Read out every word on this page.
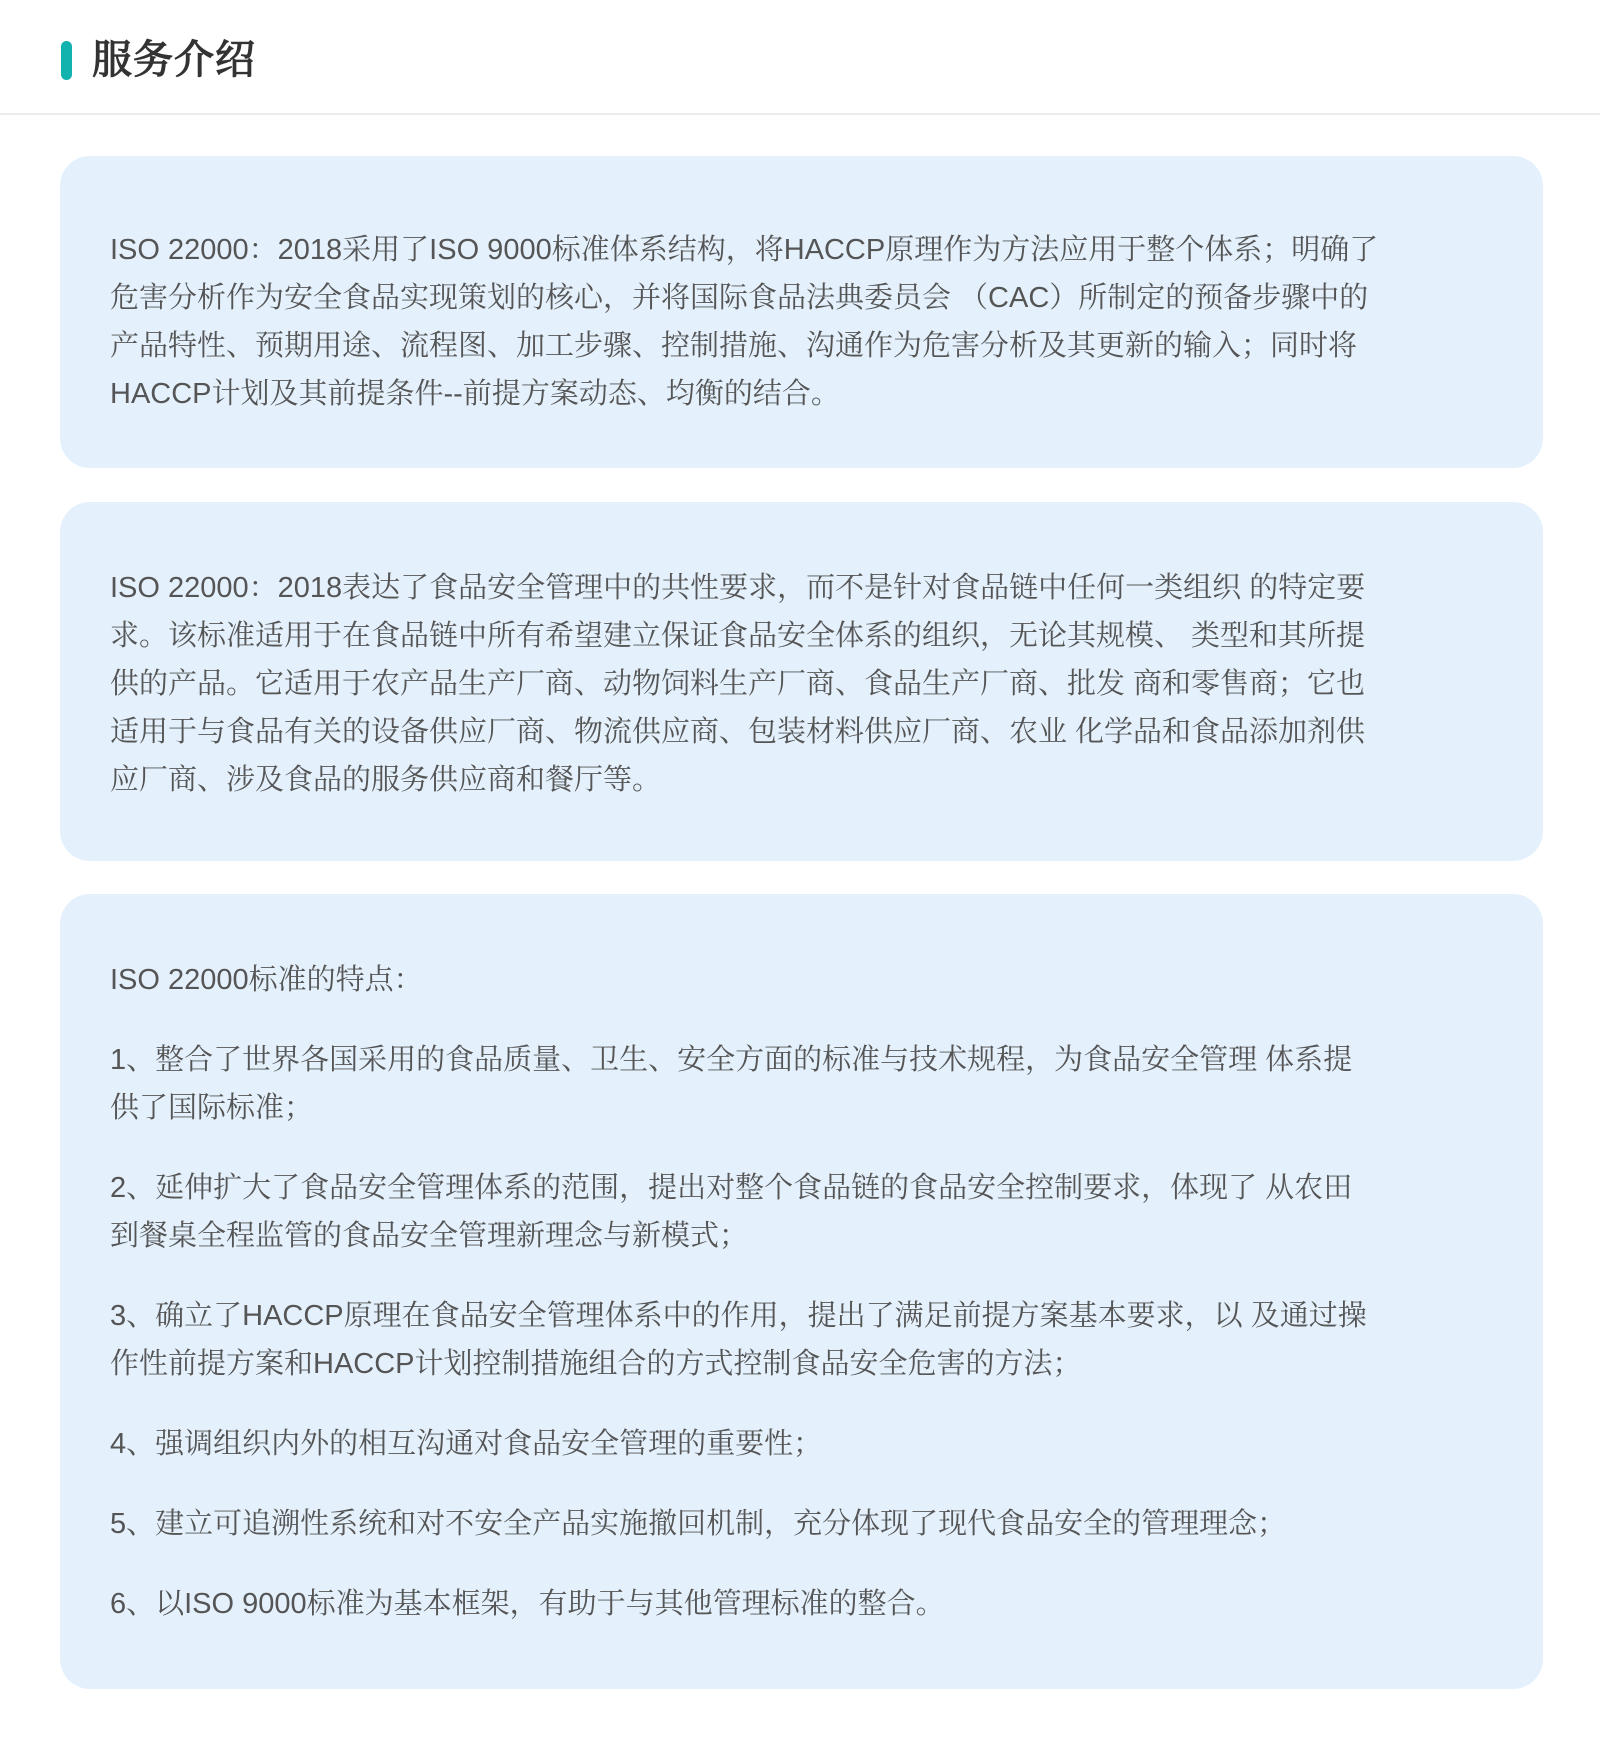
服务介绍
ISO 22000：2018采用了ISO 9000标准体系结构，将HACCP原理作为方法应用于整个体系；明确了
危害分析作为安全食品实现策划的核心，并将国际食品法典委员会 （CAC）所制定的预备步骤中的
产品特性、预期用途、流程图、加工步骤、控制措施、沟通作为危害分析及其更新的输入；同时将
HACCP计划及其前提条件--前提方案动态、均衡的结合。
ISO 22000：2018表达了食品安全管理中的共性要求，而不是针对食品链中任何一类组织 的特定要
求。该标准适用于在食品链中所有希望建立保证食品安全体系的组织，无论其规模、 类型和其所提
供的产品。它适用于农产品生产厂商、动物饲料生产厂商、食品生产厂商、批发 商和零售商；它也
适用于与食品有关的设备供应厂商、物流供应商、包装材料供应厂商、农业 化学品和食品添加剂供
应厂商、涉及食品的服务供应商和餐厅等。
ISO 22000标准的特点：
1、整合了世界各国采用的食品质量、卫生、安全方面的标准与技术规程，为食品安全管理 体系提
供了国际标准；
2、延伸扩大了食品安全管理体系的范围，提出对整个食品链的食品安全控制要求，体现了 从农田
到餐桌全程监管的食品安全管理新理念与新模式；
3、确立了HACCP原理在食品安全管理体系中的作用，提出了满足前提方案基本要求，以 及通过操
作性前提方案和HACCP计划控制措施组合的方式控制食品安全危害的方法；
4、强调组织内外的相互沟通对食品安全管理的重要性；
5、建立可追溯性系统和对不安全产品实施撤回机制，充分体现了现代食品安全的管理理念；
6、以ISO 9000标准为基本框架，有助于与其他管理标准的整合。
